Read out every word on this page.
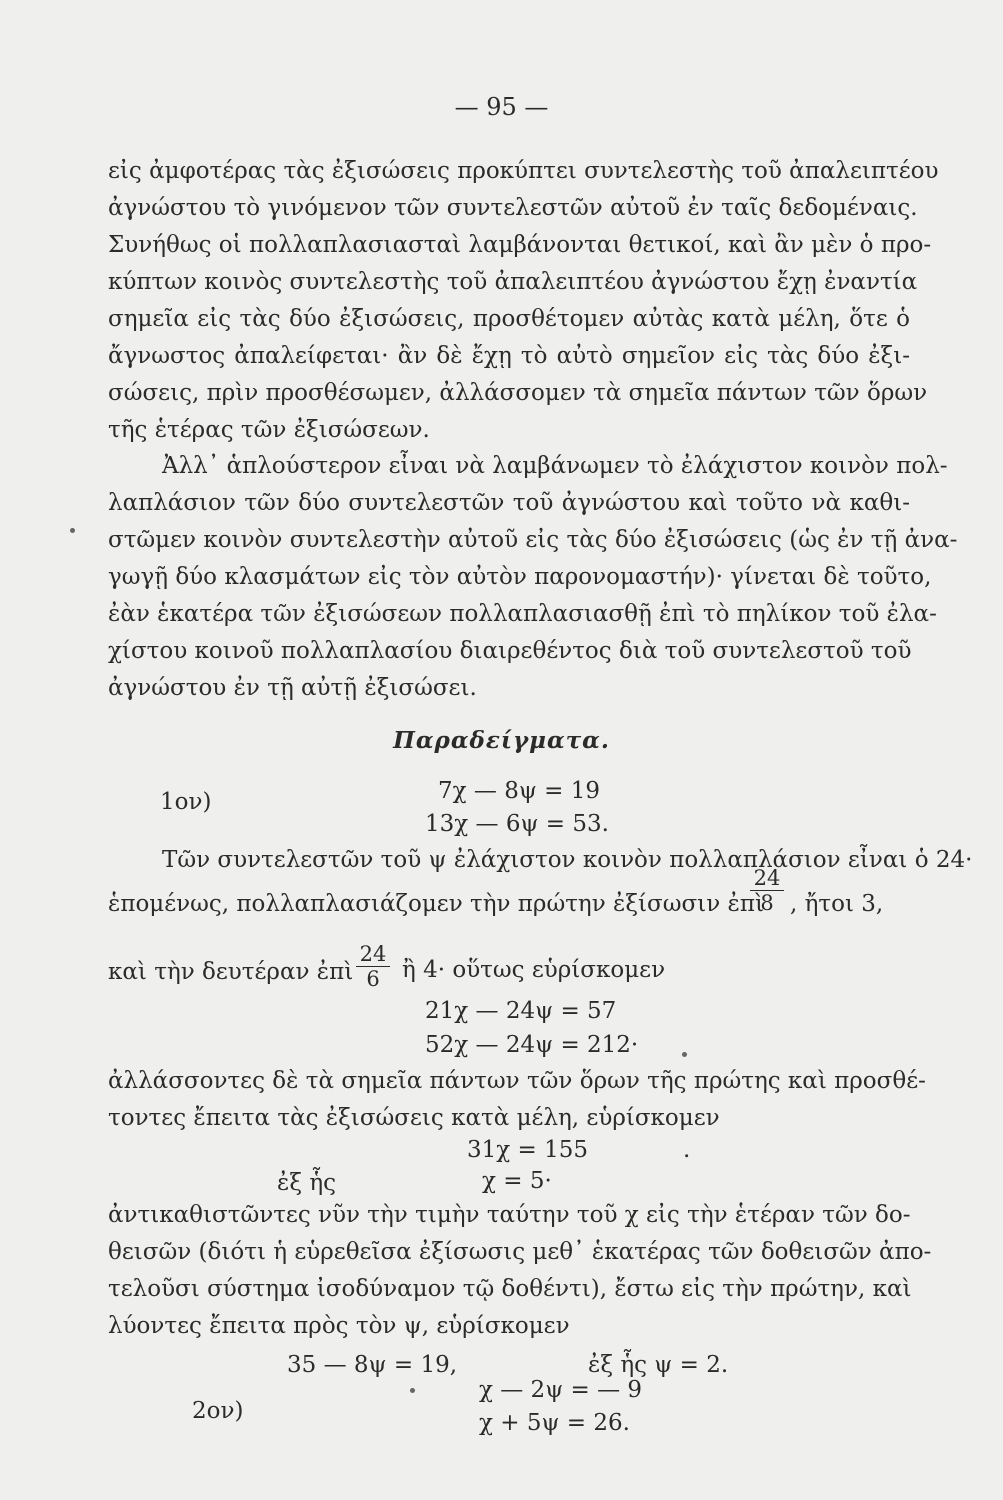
— 95 —
εἰς ἀμφοτέρας τὰς ἐξισώσεις προκύπτει συντελεστὴς τοῦ ἀπαλειπτέου
ἀγνώστου τὸ γινόμενον τῶν συντελεστῶν αὐτοῦ ἐν ταῖς δεδομέναις.
Συνήθως οἱ πολλαπλασιασταὶ λαμβάνονται θετικοί, καὶ ἂν μὲν ὁ προ-
κύπτων κοινὸς συντελεστὴς τοῦ ἀπαλειπτέου ἀγνώστου ἔχῃ ἐναντία
σημεῖα εἰς τὰς δύο ἐξισώσεις, προσθέτομεν αὐτὰς κατὰ μέλη, ὅτε ὁ
ἄγνωστος ἀπαλείφεται· ἂν δὲ ἔχῃ τὸ αὐτὸ σημεῖον εἰς τὰς δύο ἐξι-
σώσεις, πρὶν προσθέσωμεν, ἀλλάσσομεν τὰ σημεῖα πάντων τῶν ὅρων
τῆς ἑτέρας τῶν ἐξισώσεων.
Ἀλλ᾽ ἁπλούστερον εἶναι νὰ λαμβάνωμεν τὸ ἐλάχιστον κοινὸν πολ-
λαπλάσιον τῶν δύο συντελεστῶν τοῦ ἀγνώστου καὶ τοῦτο νὰ καθι-
στῶμεν κοινὸν συντελεστὴν αὐτοῦ εἰς τὰς δύο ἐξισώσεις (ὡς ἐν τῇ ἀνα-
γωγῇ δύο κλασμάτων εἰς τὸν αὐτὸν παρονομαστήν)· γίνεται δὲ τοῦτο,
ἐὰν ἑκατέρα τῶν ἐξισώσεων πολλαπλασιασθῇ ἐπὶ τὸ πηλίκον τοῦ ἐλα-
χίστου κοινοῦ πολλαπλασίου διαιρεθέντος διὰ τοῦ συντελεστοῦ τοῦ
ἀγνώστου ἐν τῇ αὐτῇ ἐξισώσει.
Παραδείγματα.
1ον)	7χ — 8ψ = 19
13χ — 6ψ = 53.
Τῶν συντελεστῶν τοῦ ψ ἐλάχιστον κοινὸν πολλαπλάσιον εἶναι ὁ 24·
ἑπομένως, πολλαπλασιάζομεν τὴν πρώτην ἐξίσωσιν ἐπὶ
$\frac{24}{8}$ , ἤτοι 3,
καὶ τὴν δευτέραν ἐπὶ $\frac{24}{6}$ ἢ 4· οὕτως εὑρίσκομεν
21χ — 24ψ = 57
52χ — 24ψ = 212·
ἀλλάσσοντες δὲ τὰ σημεῖα πάντων τῶν ὅρων τῆς πρώτης καὶ προσθέ-
τοντες ἔπειτα τὰς ἐξισώσεις κατὰ μέλη, εὑρίσκομεν
31χ = 155	.
ἐξ ἧς	χ = 5·
ἀντικαθιστῶντες νῦν τὴν τιμὴν ταύτην τοῦ χ εἰς τὴν ἑτέραν τῶν δο-
θεισῶν (διότι ἡ εὑρεθεῖσα ἐξίσωσις μεθ᾽ ἑκατέρας τῶν δοθεισῶν ἀπο-
τελοῦσι σύστημα ἰσοδύναμον τῷ δοθέντι), ἔστω εἰς τὴν πρώτην, καὶ
λύοντες ἔπειτα πρὸς τὸν ψ, εὑρίσκομεν
35 — 8ψ = 19,	ἐξ ἧς ψ = 2.
2ον)
χ — 2ψ = — 9
χ + 5ψ = 26.
